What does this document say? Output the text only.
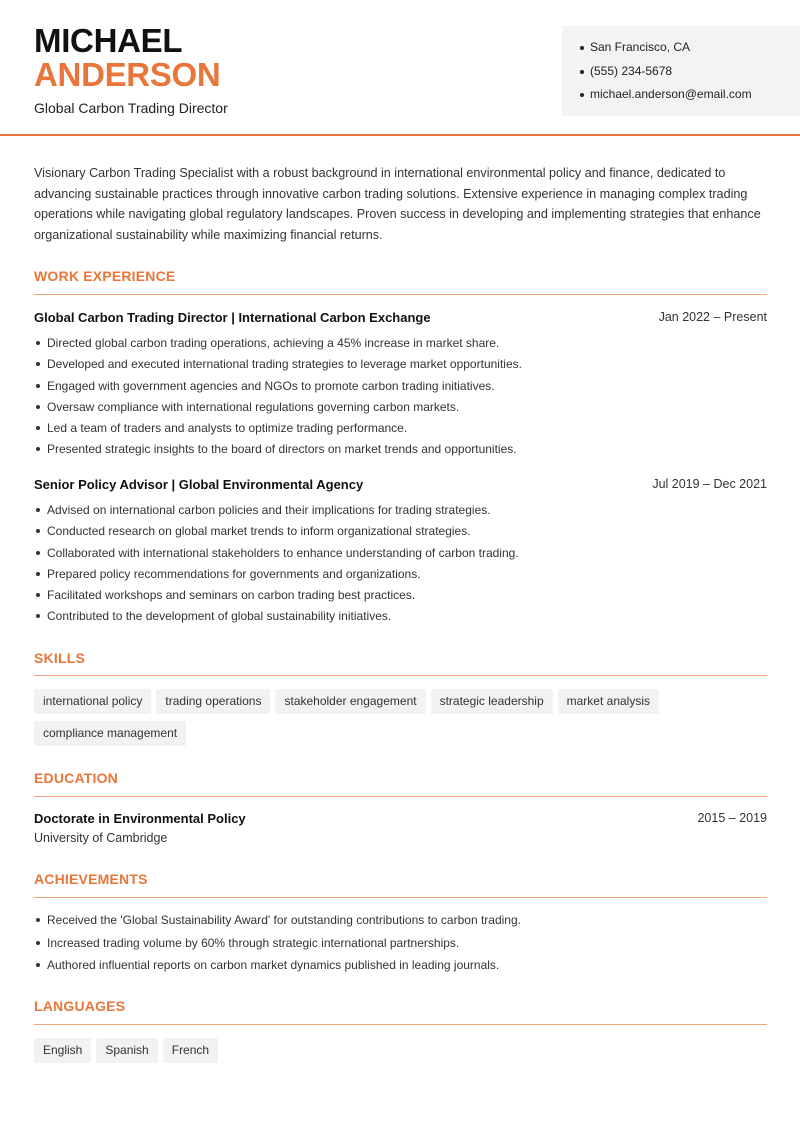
MICHAEL
ANDERSON
Global Carbon Trading Director
San Francisco, CA
(555) 234-5678
michael.anderson@email.com

Visionary Carbon Trading Specialist with a robust background in international environmental policy and finance, dedicated to advancing sustainable practices through innovative carbon trading solutions. Extensive experience in managing complex trading operations while navigating global regulatory landscapes. Proven success in developing and implementing strategies that enhance organizational sustainability while maximizing financial returns.

WORK EXPERIENCE
Global Carbon Trading Director | International Carbon Exchange	Jan 2022 – Present
Directed global carbon trading operations, achieving a 45% increase in market share.
Developed and executed international trading strategies to leverage market opportunities.
Engaged with government agencies and NGOs to promote carbon trading initiatives.
Oversaw compliance with international regulations governing carbon markets.
Led a team of traders and analysts to optimize trading performance.
Presented strategic insights to the board of directors on market trends and opportunities.
Senior Policy Advisor | Global Environmental Agency	Jul 2019 – Dec 2021
Advised on international carbon policies and their implications for trading strategies.
Conducted research on global market trends to inform organizational strategies.
Collaborated with international stakeholders to enhance understanding of carbon trading.
Prepared policy recommendations for governments and organizations.
Facilitated workshops and seminars on carbon trading best practices.
Contributed to the development of global sustainability initiatives.
SKILLS
international policy trading operations stakeholder engagement strategic leadership market analysiscompliance management
EDUCATION
Doctorate in Environmental Policy	2015 – 2019
University of Cambridge
ACHIEVEMENTS
Received the 'Global Sustainability Award' for outstanding contributions to carbon trading.
Increased trading volume by 60% through strategic international partnerships.
Authored influential reports on carbon market dynamics published in leading journals.
LANGUAGES
English Spanish French
